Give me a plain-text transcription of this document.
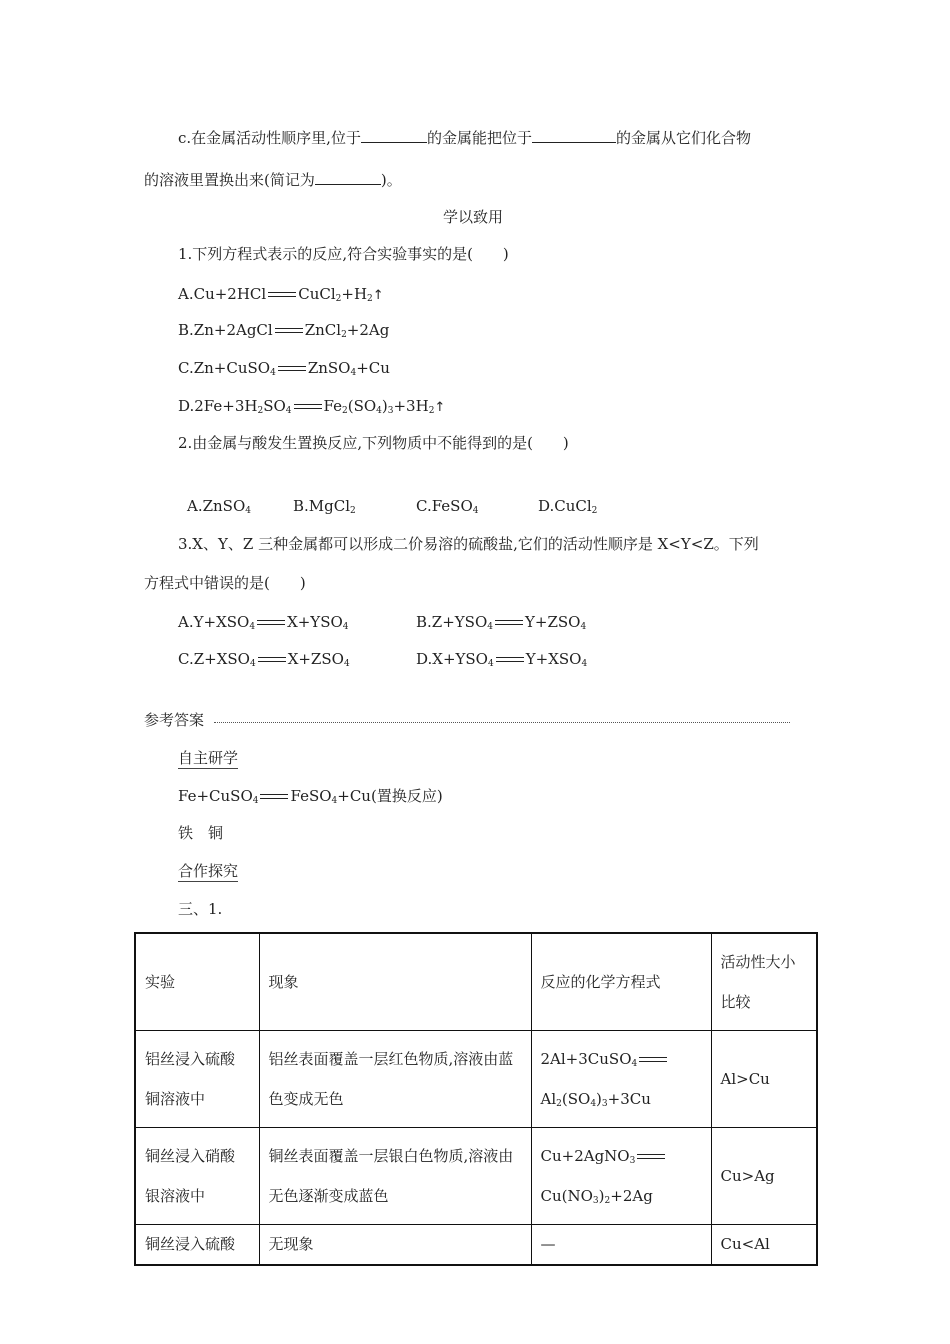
c.在金属活动性顺序里,位于	的金属能把位于	的金属从它们化合物
的溶液里置换出来(简记为	)。
学以致用
1.下列方程式表示的反应,符合实验事实的是(　　)
A.Cu+2HCl $CuCl_2+H_2↑$
B.Zn+2AgCl ZnCl$_2$+2Ag
C.Zn+CuSO$_4$ ZnSO$_4$+Cu
$D.2Fe+3H_2SO_4$ $Fe_2(SO_4)_3+3H_2↑$
2.由金属与酸发生置换反应,下列物质中不能得到的是(　　)
A.ZnSO$_4$	B.MgCl$_2$	C.FeSO$_4$	D.CuCl$_2$
3.X、Y、Z 三种金属都可以形成二价易溶的硫酸盐,它们的活动性顺序是 X<Y<Z。下列
方程式中错误的是(　　)
$A.Y+XSO_4$ $X+YSO_4$	$B.Z+YSO_4$ $Y+ZSO_4$
$C.Z+XSO_4$ $X+ZSO_4$	$D.X+YSO_4$ $Y+XSO_4$
参考答案
自主研学
Fe+CuSO$_4$ FeSO$_4$+Cu(置换反应)
铁　铜
合作探究
三、1.
实验	现象	反应的化学方程式	活动性大小比较
铝丝浸入硫酸铜溶液中	铝丝表面覆盖一层红色物质,溶液由蓝色变成无色	$2Al+3CuSO_4Al_2(SO_4)_3+3Cu$	Al>Cu
铜丝浸入硝酸银溶液中	铜丝表面覆盖一层银白色物质,溶液由无色逐渐变成蓝色	$Cu+2AgNO_3Cu(NO_3)_2+2Ag$	Cu>Ag
铜丝浸入硫酸	无现象	—	Cu<Al
